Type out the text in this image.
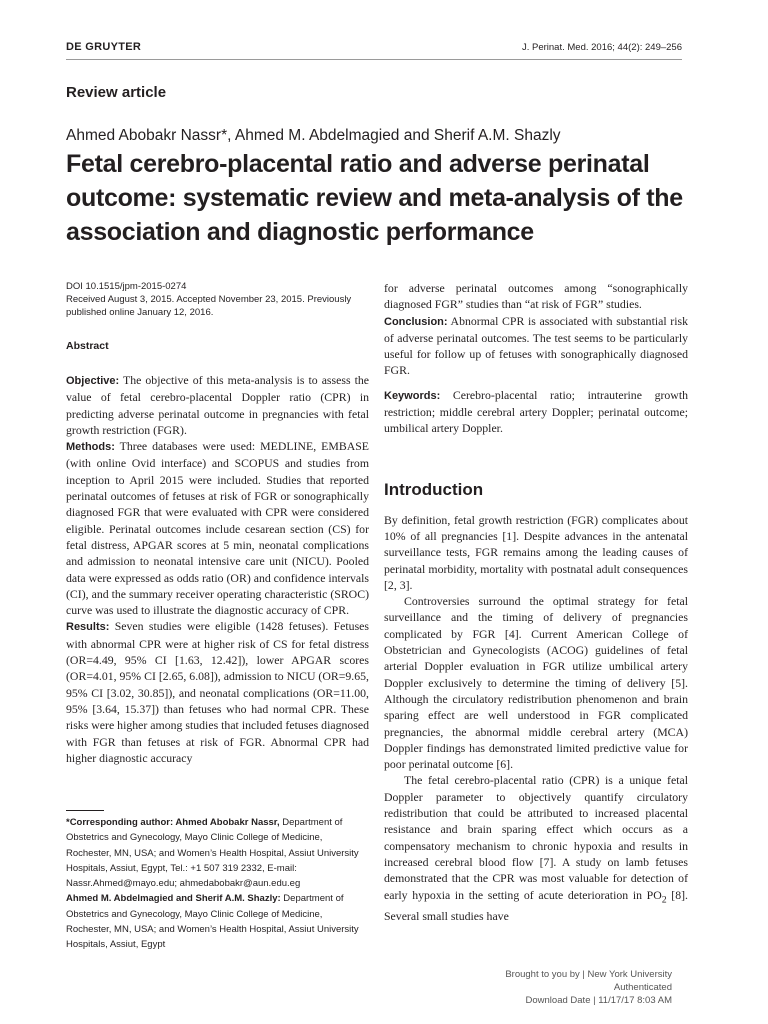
DE GRUYTER	J. Perinat. Med. 2016; 44(2): 249–256
Review article
Ahmed Abobakr Nassr*, Ahmed M. Abdelmagied and Sherif A.M. Shazly
Fetal cerebro-placental ratio and adverse perinatal outcome: systematic review and meta-analysis of the association and diagnostic performance

DOI 10.1515/jpm-2015-0274

Received August 3, 2015. Accepted November 23, 2015. Previously published online January 12, 2016.

Abstract

Objective: The objective of this meta-analysis is to assess the value of fetal cerebro-placental Doppler ratio (CPR) in predicting adverse perinatal outcome in pregnancies with fetal growth restriction (FGR).

Methods: Three databases were used: MEDLINE, EMBASE (with online Ovid interface) and SCOPUS and studies from inception to April 2015 were included. Studies that reported perinatal outcomes of fetuses at risk of FGR or sonographically diagnosed FGR that were evaluated with CPR were considered eligible. Perinatal outcomes include cesarean section (CS) for fetal distress, APGAR scores at 5 min, neonatal complications and admission to neonatal intensive care unit (NICU). Pooled data were expressed as odds ratio (OR) and confidence intervals (CI), and the summary receiver operating characteristic (SROC) curve was used to illustrate the diagnostic accuracy of CPR.

Results: Seven studies were eligible (1428 fetuses). Fetuses with abnormal CPR were at higher risk of CS for fetal distress (OR=4.49, 95% CI [1.63, 12.42]), lower APGAR scores (OR=4.01, 95% CI [2.65, 6.08]), admission to NICU (OR=9.65, 95% CI [3.02, 30.85]), and neonatal complications (OR=11.00, 95% [3.64, 15.37]) than fetuses who had normal CPR. These risks were higher among studies that included fetuses diagnosed with FGR than fetuses at risk of FGR. Abnormal CPR had higher diagnostic accuracy

*Corresponding author: Ahmed Abobakr Nassr, Department of Obstetrics and Gynecology, Mayo Clinic College of Medicine, Rochester, MN, USA; and Women’s Health Hospital, Assiut University Hospitals, Assiut, Egypt, Tel.: +1 507 319 2332, E-mail: Nassr.Ahmed@mayo.edu; ahmedabobakr@aun.edu.eg

Ahmed M. Abdelmagied and Sherif A.M. Shazly: Department of Obstetrics and Gynecology, Mayo Clinic College of Medicine, Rochester, MN, USA; and Women’s Health Hospital, Assiut University Hospitals, Assiut, Egypt

for adverse perinatal outcomes among “sonographically diagnosed FGR” studies than “at risk of FGR” studies.

Conclusion: Abnormal CPR is associated with substantial risk of adverse perinatal outcomes. The test seems to be particularly useful for follow up of fetuses with sonographically diagnosed FGR.

Keywords: Cerebro-placental ratio; intrauterine growth restriction; middle cerebral artery Doppler; perinatal outcome; umbilical artery Doppler.

Introduction

By definition, fetal growth restriction (FGR) complicates about 10% of all pregnancies [1]. Despite advances in the antenatal surveillance tests, FGR remains among the leading causes of perinatal morbidity, mortality with postnatal adult consequences [2, 3].

Controversies surround the optimal strategy for fetal surveillance and the timing of delivery of pregnancies complicated by FGR [4]. Current American College of Obstetrician and Gynecologists (ACOG) guidelines of fetal arterial Doppler evaluation in FGR utilize umbilical artery Doppler exclusively to determine the timing of delivery [5]. Although the circulatory redistribution phenomenon and brain sparing effect are well understood in FGR complicated pregnancies, the abnormal middle cerebral artery (MCA) Doppler findings has demonstrated limited predictive value for poor perinatal outcome [6].

The fetal cerebro-placental ratio (CPR) is a unique fetal Doppler parameter to objectively quantify circulatory redistribution that could be attributed to increased placental resistance and brain sparing effect which occurs as a compensatory mechanism to chronic hypoxia and results in increased cerebral blood flow [7]. A study on lamb fetuses demonstrated that the CPR was most valuable for detection of early hypoxia in the setting of acute deterioration in $PO_2$ [8]. Several small studies have

Brought to you by | New York University
Authenticated
Download Date | 11/17/17 8:03 AM
